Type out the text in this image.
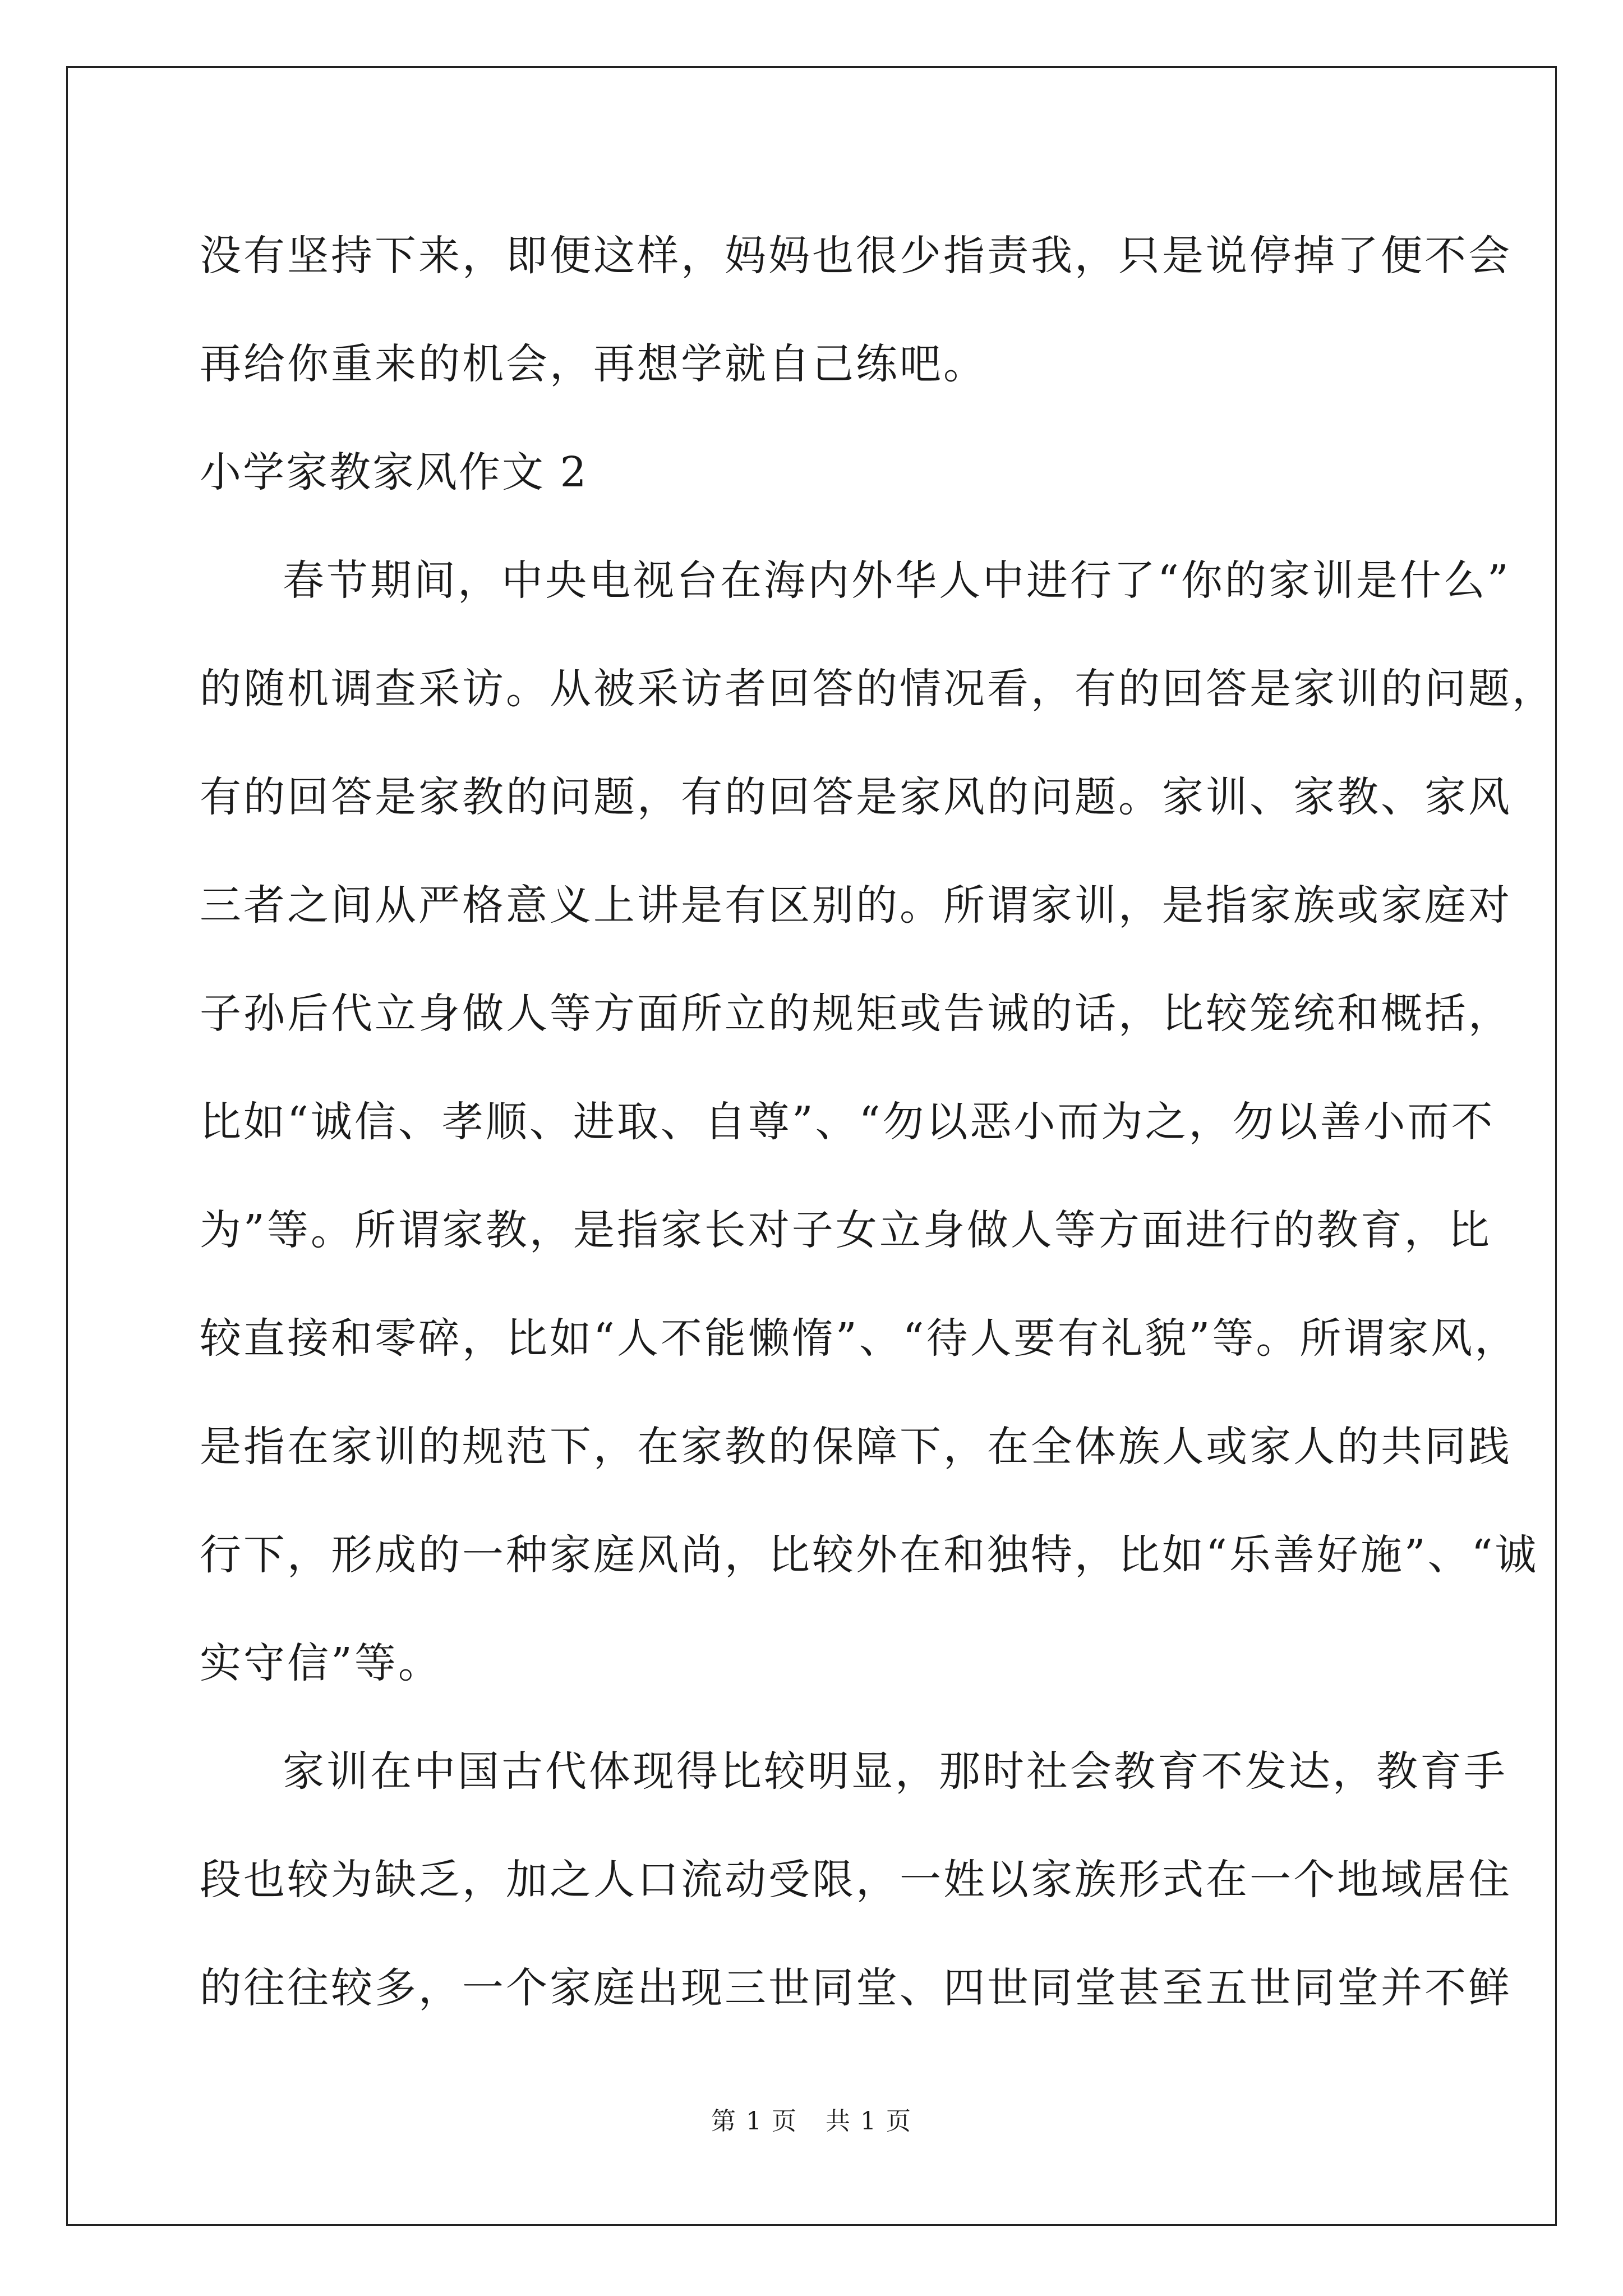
没有坚持下来，即便这样，妈妈也很少指责我，只是说停掉了便不会
再给你重来的机会，再想学就自己练吧。
小学家教家风作文 2
春节期间，中央电视台在海内外华人中进行了“你的家训是什么”
的随机调查采访。从被采访者回答的情况看，有的回答是家训的问题，
有的回答是家教的问题，有的回答是家风的问题。家训、家教、家风
三者之间从严格意义上讲是有区别的。所谓家训，是指家族或家庭对
子孙后代立身做人等方面所立的规矩或告诫的话，比较笼统和概括，
比如“诚信、孝顺、进取、自尊”、“勿以恶小而为之，勿以善小而不
为”等。所谓家教，是指家长对子女立身做人等方面进行的教育，比
较直接和零碎，比如“人不能懒惰”、“待人要有礼貌”等。所谓家风，
是指在家训的规范下，在家教的保障下，在全体族人或家人的共同践
行下，形成的一种家庭风尚，比较外在和独特，比如“乐善好施”、“诚
实守信”等。
家训在中国古代体现得比较明显，那时社会教育不发达，教育手
段也较为缺乏，加之人口流动受限，一姓以家族形式在一个地域居住
的往往较多，一个家庭出现三世同堂、四世同堂甚至五世同堂并不鲜
第 1 页 共 1 页
